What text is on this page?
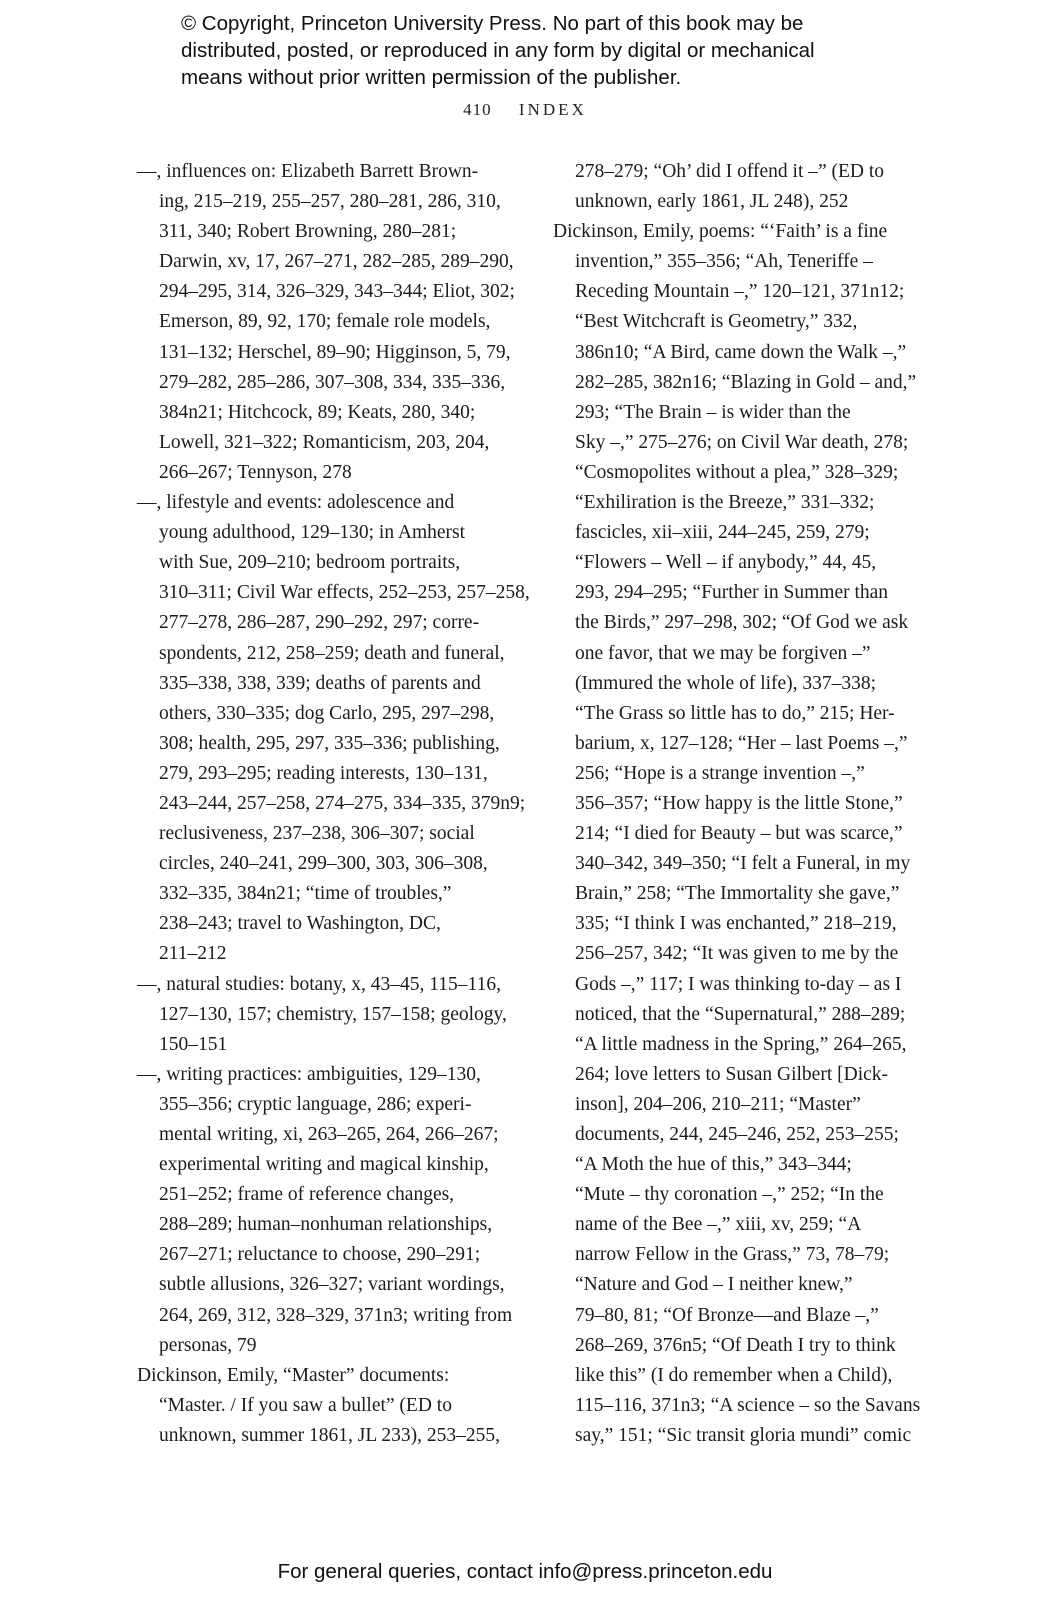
© Copyright, Princeton University Press. No part of this book may be
distributed, posted, or reproduced in any form by digital or mechanical
means without prior written permission of the publisher.
410 INDEX
—, influences on: Elizabeth Barrett Brown-
ing, 215–219, 255–257, 280–281, 286, 310,
311, 340; Robert Browning, 280–281;
Darwin, xv, 17, 267–271, 282–285, 289–290,
294–295, 314, 326–329, 343–344; Eliot, 302;
Emerson, 89, 92, 170; female role models,
131–132; Herschel, 89–90; Higginson, 5, 79,
279–282, 285–286, 307–308, 334, 335–336,
384n21; Hitchcock, 89; Keats, 280, 340;
Lowell, 321–322; Romanticism, 203, 204,
266–267; Tennyson, 278
—, lifestyle and events: adolescence and
young adulthood, 129–130; in Amherst
with Sue, 209–210; bedroom portraits,
310–311; Civil War effects, 252–253, 257–258,
277–278, 286–287, 290–292, 297; corre-
spondents, 212, 258–259; death and funeral,
335–338, 338, 339; deaths of parents and
others, 330–335; dog Carlo, 295, 297–298,
308; health, 295, 297, 335–336; publishing,
279, 293–295; reading interests, 130–131,
243–244, 257–258, 274–275, 334–335, 379n9;
reclusiveness, 237–238, 306–307; social
circles, 240–241, 299–300, 303, 306–308,
332–335, 384n21; “time of troubles,”
238–243; travel to Washington, DC,
211–212
—, natural studies: botany, x, 43–45, 115–116,
127–130, 157; chemistry, 157–158; geology,
150–151
—, writing practices: ambiguities, 129–130,
355–356; cryptic language, 286; experi-
mental writing, xi, 263–265, 264, 266–267;
experimental writing and magical kinship,
251–252; frame of reference changes,
288–289; human–nonhuman relationships,
267–271; reluctance to choose, 290–291;
subtle allusions, 326–327; variant wordings,
264, 269, 312, 328–329, 371n3; writing from
personas, 79
Dickinson, Emily, “Master” documents:
“Master. / If you saw a bullet” (ED to
unknown, summer 1861, JL 233), 253–255,
278–279; “Oh’ did I offend it –” (ED to
unknown, early 1861, JL 248), 252
Dickinson, Emily, poems: “‘Faith’ is a fine
invention,” 355–356; “Ah, Teneriffe –
Receding Mountain –,” 120–121, 371n12;
“Best Witchcraft is Geometry,” 332,
386n10; “A Bird, came down the Walk –,”
282–285, 382n16; “Blazing in Gold – and,”
293; “The Brain – is wider than the
Sky –,” 275–276; on Civil War death, 278;
“Cosmopolites without a plea,” 328–329;
“Exhiliration is the Breeze,” 331–332;
fascicles, xii–xiii, 244–245, 259, 279;
“Flowers – Well – if anybody,” 44, 45,
293, 294–295; “Further in Summer than
the Birds,” 297–298, 302; “Of God we ask
one favor, that we may be forgiven –”
(Immured the whole of life), 337–338;
“The Grass so little has to do,” 215; Her-
barium, x, 127–128; “Her – last Poems –,”
256; “Hope is a strange invention –,”
356–357; “How happy is the little Stone,”
214; “I died for Beauty – but was scarce,”
340–342, 349–350; “I felt a Funeral, in my
Brain,” 258; “The Immortality she gave,”
335; “I think I was enchanted,” 218–219,
256–257, 342; “It was given to me by the
Gods –,” 117; I was thinking to-day – as I
noticed, that the “Supernatural,” 288–289;
“A little madness in the Spring,” 264–265,
264; love letters to Susan Gilbert [Dick-
inson], 204–206, 210–211; “Master”
documents, 244, 245–246, 252, 253–255;
“A Moth the hue of this,” 343–344;
“Mute – thy coronation –,” 252; “In the
name of the Bee –,” xiii, xv, 259; “A
narrow Fellow in the Grass,” 73, 78–79;
“Nature and God – I neither knew,”
79–80, 81; “Of Bronze—and Blaze –,”
268–269, 376n5; “Of Death I try to think
like this” (I do remember when a Child),
115–116, 371n3; “A science – so the Savans
say,” 151; “Sic transit gloria mundi” comic
For general queries, contact info@press.princeton.edu
